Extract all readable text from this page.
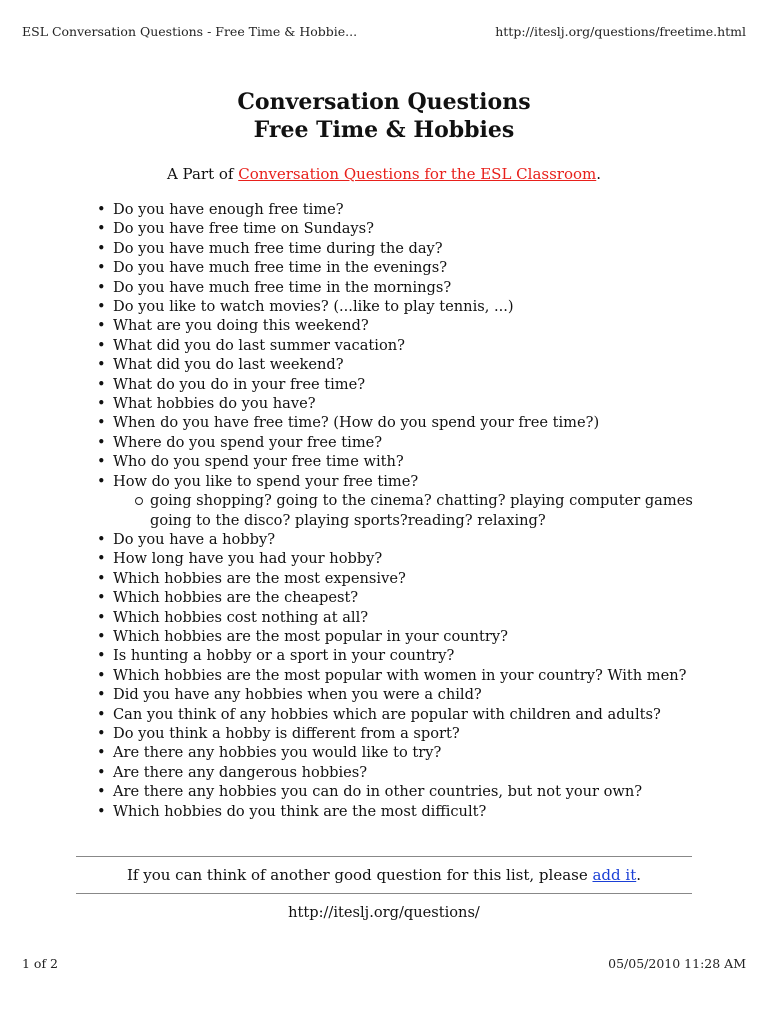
ESL Conversation Questions - Free Time & Hobbie...	http://iteslj.org/questions/freetime.html
Conversation Questions
Free Time & Hobbies

A Part of Conversation Questions for the ESL Classroom.

• Do you have enough free time?
• Do you have free time on Sundays?
• Do you have much free time during the day?
• Do you have much free time in the evenings?
• Do you have much free time in the mornings?
• Do you like to watch movies? (...like to play tennis, ...)
• What are you doing this weekend?
• What did you do last summer vacation?
• What did you do last weekend?
• What do you do in your free time?
• What hobbies do you have?
• When do you have free time? (How do you spend your free time?)
• Where do you spend your free time?
• Who do you spend your free time with?
• How do you like to spend your free time?
going shopping? going to the cinema? chatting? playing computer games going to the disco? playing sports?reading? relaxing?
• Do you have a hobby?
• How long have you had your hobby?
• Which hobbies are the most expensive?
• Which hobbies are the cheapest?
• Which hobbies cost nothing at all?
• Which hobbies are the most popular in your country?
• Is hunting a hobby or a sport in your country?
• Which hobbies are the most popular with women in your country? With men?
• Did you have any hobbies when you were a child?
• Can you think of any hobbies which are popular with children and adults?
• Do you think a hobby is different from a sport?
• Are there any hobbies you would like to try?
• Are there any dangerous hobbies?
• Are there any hobbies you can do in other countries, but not your own?
• Which hobbies do you think are the most difficult?

If you can think of another good question for this list, please add it.

http://iteslj.org/questions/

1 of 2	05/05/2010 11:28 AM
